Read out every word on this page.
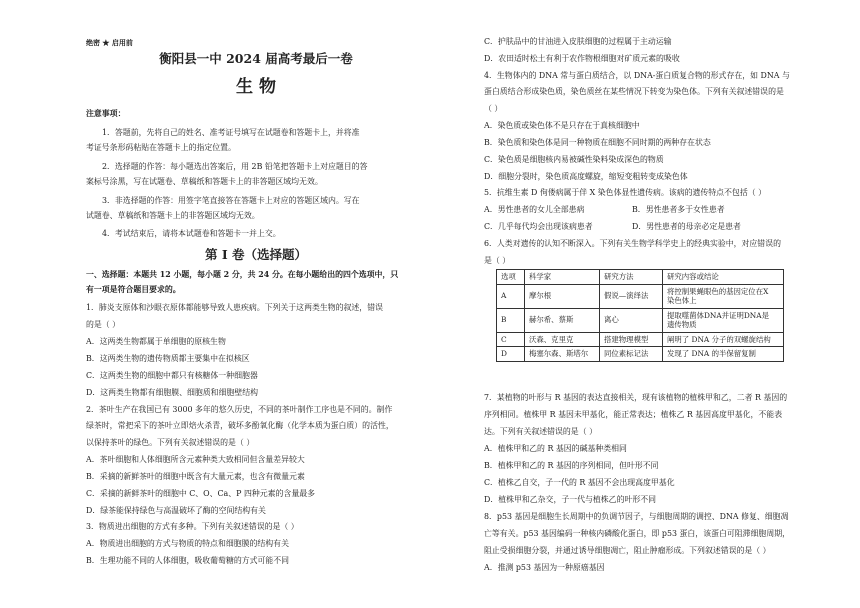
绝密 ★ 启用前
衡阳县一中 2024 届高考最后一卷
生 物
注意事项：
1．答题前，先将自己的姓名、准考证号填写在试题卷和答题卡上，并将准
考证号条形码粘贴在答题卡上的指定位置。
2．选择题的作答：每小题选出答案后，用 2B 铅笔把答题卡上对应题目的答
案标号涂黑，写在试题卷、草稿纸和答题卡上的非答题区域均无效。
3．非选择题的作答：用签字笔直接答在答题卡上对应的答题区域内。写在
试题卷、草稿纸和答题卡上的非答题区域均无效。
4．考试结束后，请将本试题卷和答题卡一并上交。
第 I 卷（选择题）
一、选择题：本题共 12 小题，每小题 2 分，共 24 分。在每小题给出的四个选项中，只
有一项是符合题目要求的。
1．肺炎支原体和沙眼衣原体都能够导致人患疾病。下列关于这两类生物的叙述，错误
的是（ ）
A．这两类生物都属于单细胞的原核生物
B．这两类生物的遗传物质都主要集中在拟核区
C．这两类生物的细胞中都只有核糖体一种细胞器
D．这两类生物都有细胞膜、细胞质和细胞壁结构
2．茶叶生产在我国已有 3000 多年的悠久历史，不同的茶叶制作工序也是不同的。制作
绿茶时，常把采下的茶叶立即焙火杀青，破坏多酚氧化酶（化学本质为蛋白质）的活性，
以保持茶叶的绿色。下列有关叙述错误的是（ ）
A．茶叶细胞和人体细胞所含元素种类大致相同但含量差异较大
B．采摘的新鲜茶叶的细胞中既含有大量元素，也含有微量元素
C．采摘的新鲜茶叶的细胞中 C、O、Ca、P 四种元素的含量最多
D．绿茶能保持绿色与高温破坏了酶的空间结构有关
3．物质进出细胞的方式有多种。下列有关叙述错误的是（ ）
A．物质进出细胞的方式与物质的特点和细胞膜的结构有关
B．生理功能不同的人体细胞，吸收葡萄糖的方式可能不同
C．护肤品中的甘油进入皮肤细胞的过程属于主动运输
D．农田适时松土有利于农作物根细胞对矿质元素的吸收
4．生物体内的 DNA 常与蛋白质结合，以 DNA-蛋白质复合物的形式存在，如 DNA 与
蛋白质结合形成染色质，染色质丝在某些情况下转变为染色体。下列有关叙述错误的是
（ ）
A．染色质或染色体不是只存在于真核细胞中
B．染色质和染色体是同一种物质在细胞不同时期的两种存在状态
C．染色质是细胞核内易被碱性染料染成深色的物质
D．细胞分裂时，染色质高度螺旋，缩短变粗转变成染色体
5．抗维生素 D 佝偻病属于伴 X 染色体显性遗传病。该病的遗传特点不包括（ ）
A．男性患者的女儿全部患病	B．男性患者多于女性患者
C．几乎每代均会出现该病患者	D．男性患者的母亲必定是患者
6．人类对遗传的认知不断深入。下列有关生物学科学史上的经典实验中，对应错误的
是（ ）
选项	科学家	研究方法	研究内容或结论
A	摩尔根	假说—演绎法	将控制果蝇眼色的基因定位在X
染色体上
B	赫尔希、蔡斯	离心	提取噬菌体DNA并证明DNA是
遗传物质
C	沃森、克里克	搭建物理模型	阐明了 DNA 分子的双螺旋结构
D	梅塞尔森、斯塔尔	同位素标记法	发现了 DNA 的半保留复制
7．某植物的叶形与 R 基因的表达直接相关，现有该植物的植株甲和乙，二者 R 基因的
序列相同。植株甲 R 基因未甲基化，能正常表达；植株乙 R 基因高度甲基化，不能表
达。下列有关叙述错误的是（ ）
A．植株甲和乙的 R 基因的碱基种类相同
B．植株甲和乙的 R 基因的序列相同，但叶形不同
C．植株乙自交，子一代的 R 基因不会出现高度甲基化
D．植株甲和乙杂交，子一代与植株乙的叶形不同
8．p53 基因是细胞生长周期中的负调节因子，与细胞周期的调控、DNA 修复、细胞凋
亡等有关。p53 基因编码一种核内磷酸化蛋白，即 p53 蛋白，该蛋白可阻滞细胞周期，
阻止受损细胞分裂，并通过诱导细胞凋亡，阻止肿瘤形成。下列叙述错误的是（ ）
A．推测 p53 基因为一种原癌基因
